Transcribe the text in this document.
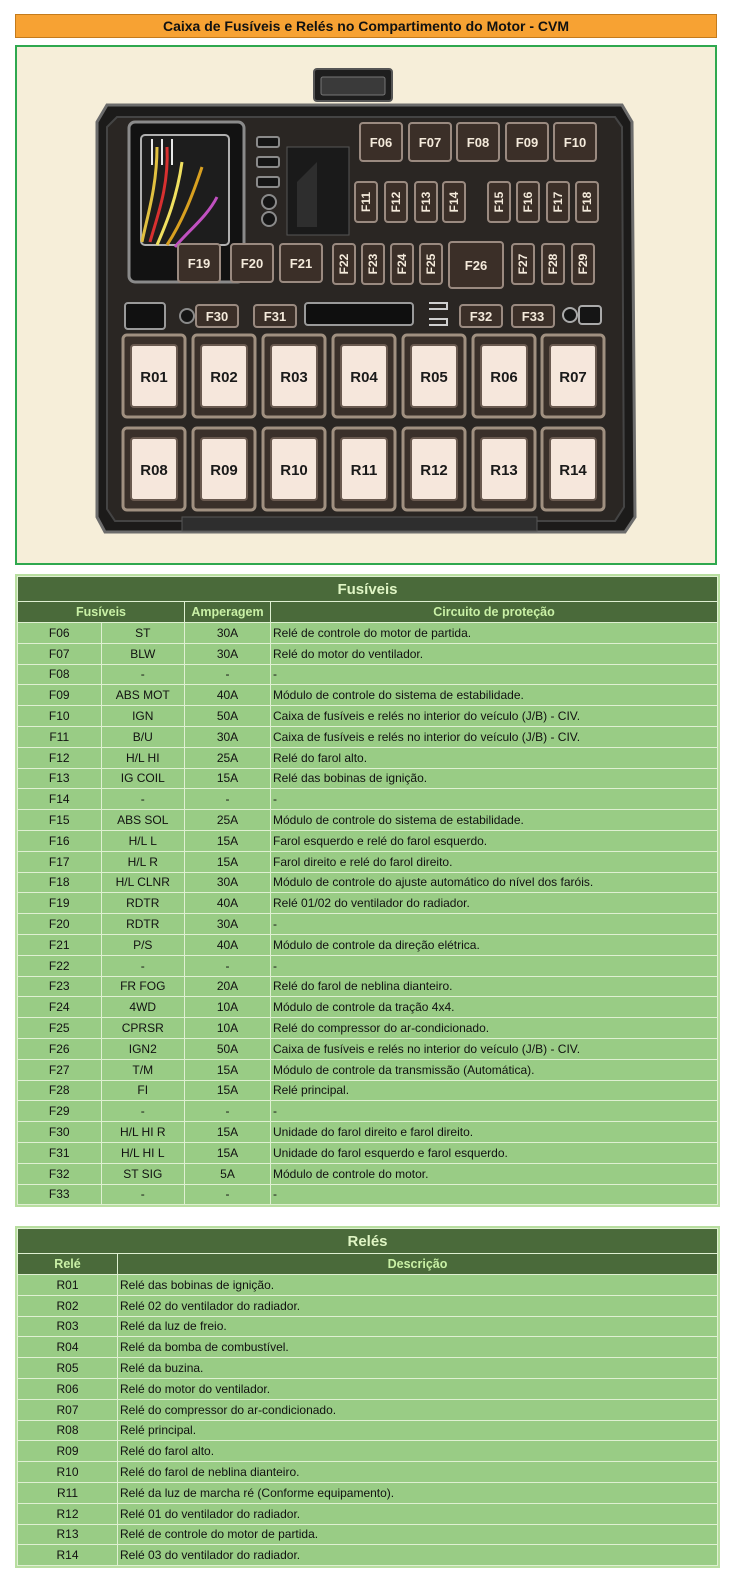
Caixa de Fusíveis e Relés no Compartimento do Motor - CVM
F06 F07 F08 F09 F10
F11 F12 F13 F14	F15 F16 F17 F18
F19 F20 F21 F22 F23 F24 F25 F26 F27 F28 F29
F30	F31	F32 F33
R01	R02	R03	R04	R05	R06	R07
R08	R09	R10	R11	R12	R13	R14
Fusíveis			
Fusíveis		Amperagem	Circuito de proteção
F06	ST	30A	Relé de controle do motor de partida.
F07	BLW	30A	Relé do motor do ventilador.
F08	-	-	-
F09	ABS MOT	40A	Módulo de controle do sistema de estabilidade.
F10	IGN	50A	Caixa de fusíveis e relés no interior do veículo (J/B) - CIV.
F11	B/U	30A	Caixa de fusíveis e relés no interior do veículo (J/B) - CIV.
F12	H/L HI	25A	Relé do farol alto.
F13	IG COIL	15A	Relé das bobinas de ignição.
F14	-	-	-
F15	ABS SOL	25A	Módulo de controle do sistema de estabilidade.
F16	H/L L	15A	Farol esquerdo e relé do farol esquerdo.
F17	H/L R	15A	Farol direito e relé do farol direito.
F18	H/L CLNR	30A	Módulo de controle do ajuste automático do nível dos faróis.
F19	RDTR	40A	Relé 01/02 do ventilador do radiador.
F20	RDTR	30A	-
F21	P/S	40A	Módulo de controle da direção elétrica.
F22	-	-	-
F23	FR FOG	20A	Relé do farol de neblina dianteiro.
F24	4WD	10A	Módulo de controle da tração 4x4.
F25	CPRSR	10A	Relé do compressor do ar-condicionado.
F26	IGN2	50A	Caixa de fusíveis e relés no interior do veículo (J/B) - CIV.
F27	T/M	15A	Módulo de controle da transmissão (Automática).
F28	FI	15A	Relé principal.
F29	-	-	-
F30	H/L HI R	15A	Unidade do farol direito e farol direito.
F31	H/L HI L	15A	Unidade do farol esquerdo e farol esquerdo.
F32	ST SIG	5A	Módulo de controle do motor.
F33	-	-	-
Relés	
Relé	Descrição
R01	Relé das bobinas de ignição.
R02	Relé 02 do ventilador do radiador.
R03	Relé da luz de freio.
R04	Relé da bomba de combustível.
R05	Relé da buzina.
R06	Relé do motor do ventilador.
R07	Relé do compressor do ar-condicionado.
R08	Relé principal.
R09	Relé do farol alto.
R10	Relé do farol de neblina dianteiro.
R11	Relé da luz de marcha ré (Conforme equipamento).
R12	Relé 01 do ventilador do radiador.
R13	Relé de controle do motor de partida.
R14	Relé 03 do ventilador do radiador.
